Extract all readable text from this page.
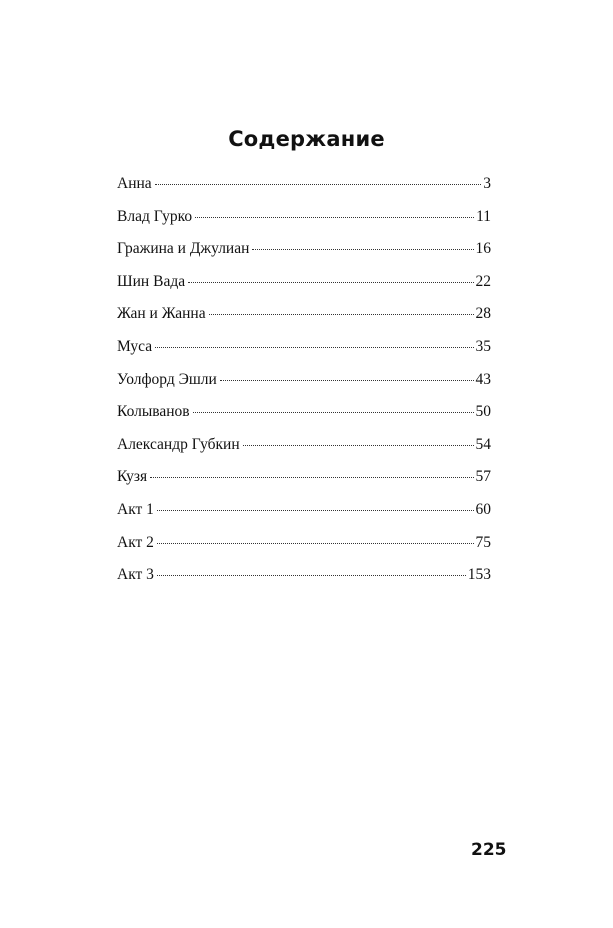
Содержание
Анна	3
Влад Гурко	11
Гражина и Джулиан	16
Шин Вада	22
Жан и Жанна	28
Муса	35
Уолфорд Эшли	43
Колыванов	50
Александр Губкин	54
Кузя	57
Акт 1	60
Акт 2	75
Акт 3	153
225
